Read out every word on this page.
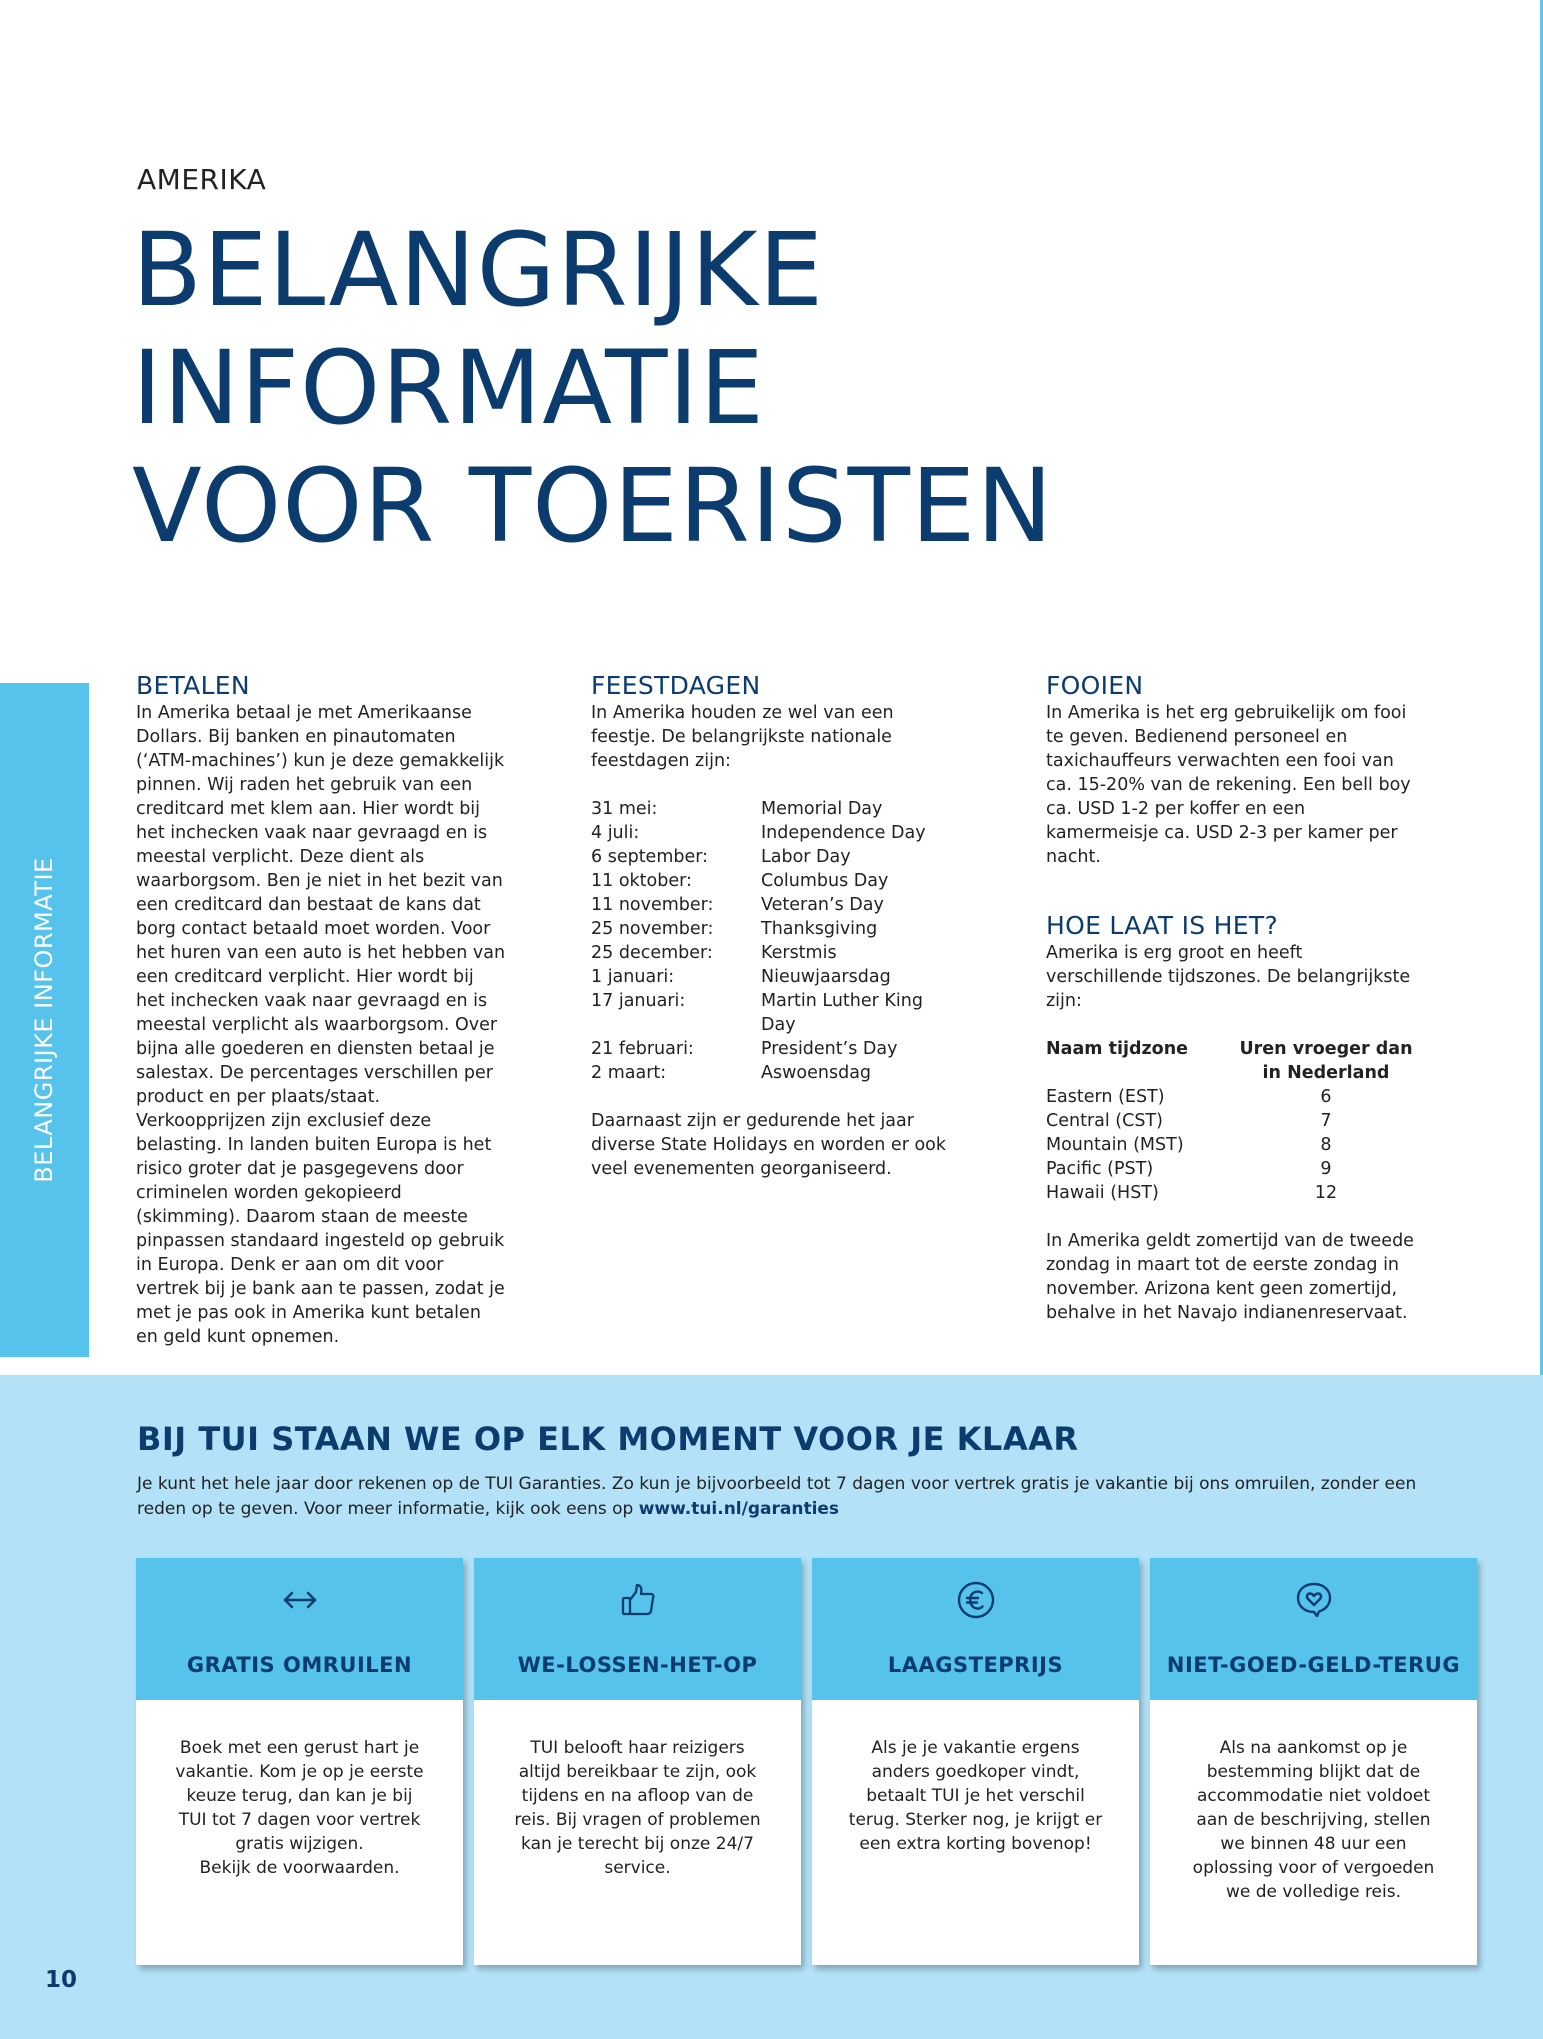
BELANGRIJKE INFORMATIE
AMERIKA
BELANGRIJKE
INFORMATIE
VOOR TOERISTEN
BETALEN
In Amerika betaal je met Amerikaanse Dollars. Bij banken en pinautomaten (‘ATM-machines’) kun je deze gemakkelijk pinnen. Wij raden het gebruik van een creditcard met klem aan. Hier wordt bij het inchecken vaak naar gevraagd en is meestal verplicht. Deze dient als waarborgsom. Ben je niet in het bezit van een creditcard dan bestaat de kans dat borg contact betaald moet worden. Voor het huren van een auto is het hebben van een creditcard verplicht. Hier wordt bij het inchecken vaak naar gevraagd en is meestal verplicht als waarborgsom. Over bijna alle goederen en diensten betaal je salestax. De percentages verschillen per product en per plaats/staat. Verkoopprijzen zijn exclusief deze belasting. In landen buiten Europa is het risico groter dat je pasgegevens door criminelen worden gekopieerd (skimming). Daarom staan de meeste pinpassen standaard ingesteld op gebruik in Europa. Denk er aan om dit voor vertrek bij je bank aan te passen, zodat je met je pas ook in Amerika kunt betalen en geld kunt opnemen.
FEESTDAGEN
In Amerika houden ze wel van een feestje. De belangrijkste nationale feestdagen zijn:
31 mei:	Memorial Day
4 juli:	Independence Day
6 september:	Labor Day
11 oktober:	Columbus Day
11 november:	Veteran’s Day
25 november:	Thanksgiving
25 december:	Kerstmis
1 januari:	Nieuwjaarsdag
17 januari:	Martin Luther King Day
21 februari:	President’s Day
2 maart:	Aswoensdag
Daarnaast zijn er gedurende het jaar diverse State Holidays en worden er ook veel evenementen georganiseerd.
FOOIEN
In Amerika is het erg gebruikelijk om fooi te geven. Bedienend personeel en taxichauffeurs verwachten een fooi van ca. 15-20% van de rekening. Een bell boy ca. USD 1-2 per koffer en een kamermeisje ca. USD 2-3 per kamer per nacht.
HOE LAAT IS HET?
Amerika is erg groot en heeft verschillende tijdszones. De belangrijkste zijn:
Naam tijdzone	Uren vroeger dan
in Nederland

Eastern (EST)	6
Central (CST)	7
Mountain (MST)	8
Pacific (PST)	9
Hawaii (HST)	12
In Amerika geldt zomertijd van de tweede zondag in maart tot de eerste zondag in november. Arizona kent geen zomertijd, behalve in het Navajo indianenreservaat.
BIJ TUI STAAN WE OP ELK MOMENT VOOR JE KLAAR
Je kunt het hele jaar door rekenen op de TUI Garanties. Zo kun je bijvoorbeeld tot 7 dagen voor vertrek gratis je vakantie bij ons omruilen, zonder een reden op te geven. Voor meer informatie, kijk ook eens op www.tui.nl/garanties
GRATIS OMRUILEN
Boek met een gerust hart je
vakantie. Kom je op je eerste
keuze terug, dan kan je bij
TUI tot 7 dagen voor vertrek
gratis wijzigen.
Bekijk de voorwaarden.
WE-LOSSEN-HET-OP
TUI belooft haar reizigers
altijd bereikbaar te zijn, ook
tijdens en na afloop van de
reis. Bij vragen of problemen
kan je terecht bij onze 24/7
service.
LAAGSTEPRIJS
Als je je vakantie ergens
anders goedkoper vindt,
betaalt TUI je het verschil
terug. Sterker nog, je krijgt er
een extra korting bovenop!
NIET-GOED-GELD-TERUG
Als na aankomst op je
bestemming blijkt dat de
accommodatie niet voldoet
aan de beschrijving, stellen
we binnen 48 uur een
oplossing voor of vergoeden
we de volledige reis.
10
